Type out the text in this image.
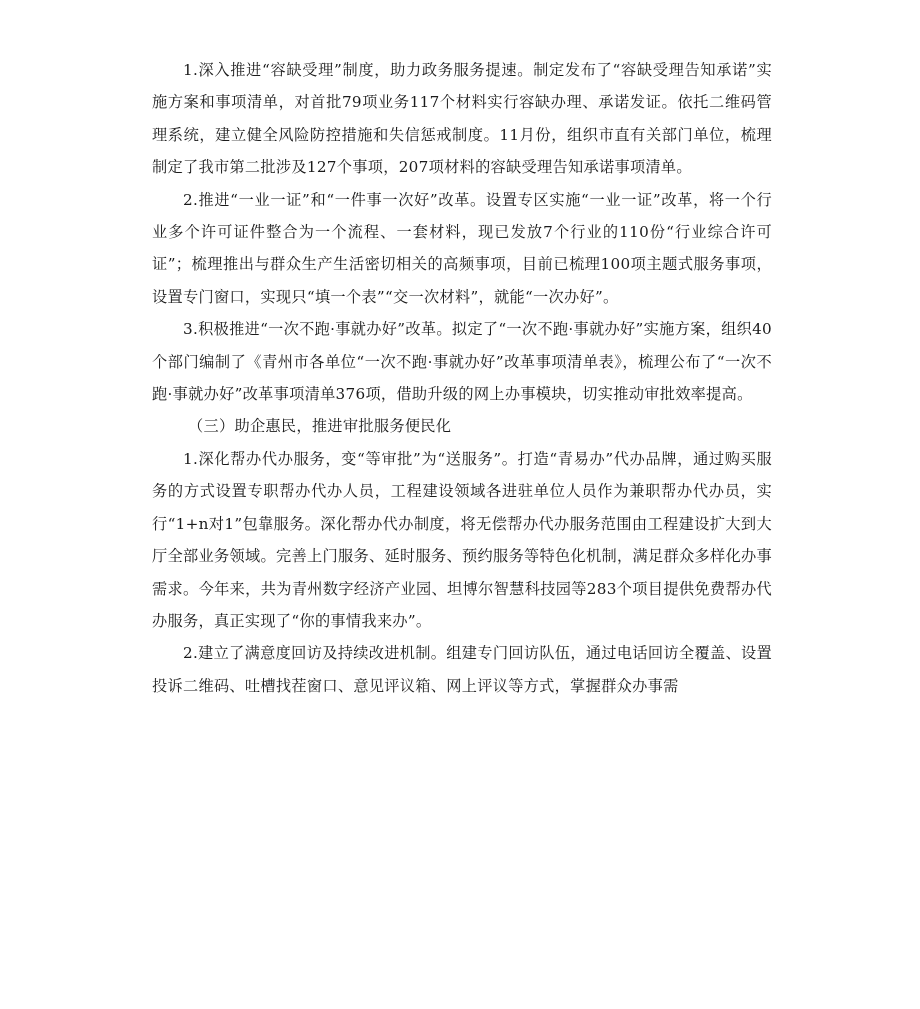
1.深入推进“容缺受理”制度，助力政务服务提速。制定发布了“容缺受理告知承诺”实施方案和事项清单，对首批79项业务117个材料实行容缺办理、承诺发证。依托二维码管理系统，建立健全风险防控措施和失信惩戒制度。11月份，组织市直有关部门单位，梳理制定了我市第二批涉及127个事项，207项材料的容缺受理告知承诺事项清单。

2.推进“一业一证”和“一件事一次好”改革。设置专区实施“一业一证”改革，将一个行业多个许可证件整合为一个流程、一套材料，现已发放7个行业的110份“行业综合许可证”；梳理推出与群众生产生活密切相关的高频事项，目前已梳理100项主题式服务事项，设置专门窗口，实现只“填一个表”“交一次材料”，就能“一次办好”。

3.积极推进“一次不跑·事就办好”改革。拟定了“一次不跑·事就办好”实施方案，组织40个部门编制了《青州市各单位“一次不跑·事就办好”改革事项清单表》，梳理公布了“一次不跑·事就办好”改革事项清单376项，借助升级的网上办事模块，切实推动审批效率提高。

（三）助企惠民，推进审批服务便民化

1.深化帮办代办服务，变“等审批”为“送服务”。打造“青易办”代办品牌，通过购买服务的方式设置专职帮办代办人员，工程建设领域各进驻单位人员作为兼职帮办代办员，实行“1+n对1”包靠服务。深化帮办代办制度，将无偿帮办代办服务范围由工程建设扩大到大厅全部业务领域。完善上门服务、延时服务、预约服务等特色化机制，满足群众多样化办事需求。今年来，共为青州数字经济产业园、坦博尔智慧科技园等283个项目提供免费帮办代办服务，真正实现了“你的事情我来办”。

2.建立了满意度回访及持续改进机制。组建专门回访队伍，通过电话回访全覆盖、设置投诉二维码、吐槽找茬窗口、意见评议箱、网上评议等方式，掌握群众办事需
